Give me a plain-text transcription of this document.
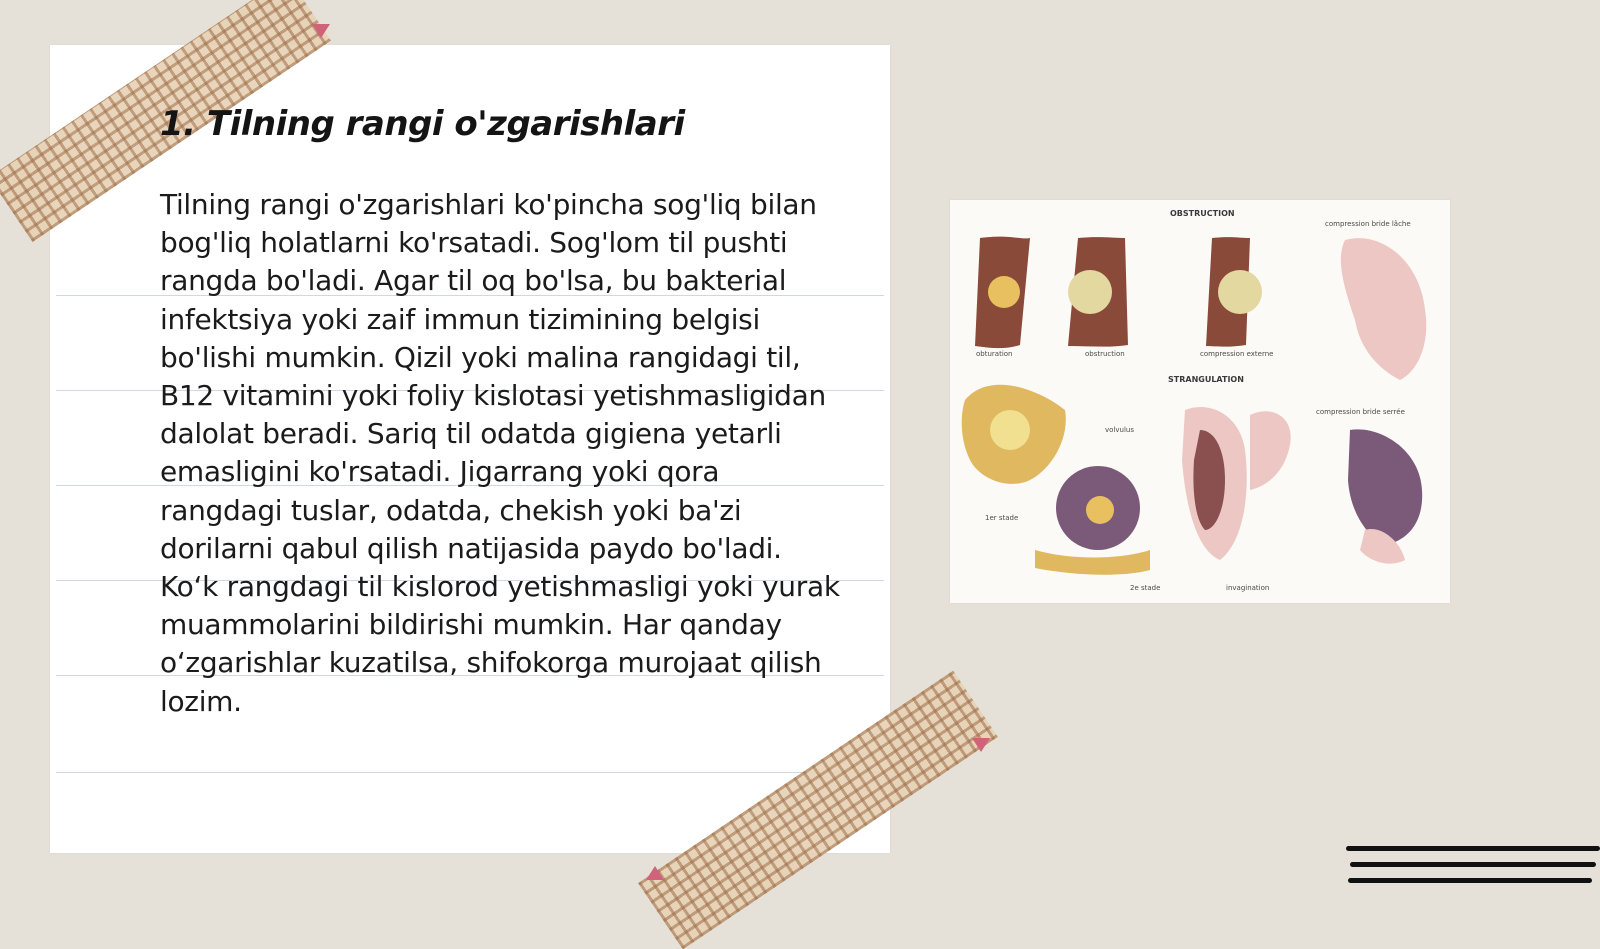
1. Tilning rangi o'zgarishlari

Tilning rangi o'zgarishlari ko'pincha sog'liq bilan bog'liq holatlarni ko'rsatadi. Sog'lom til pushti rangda bo'ladi. Agar til oq bo'lsa, bu bakterial infektsiya yoki zaif immun tizimining belgisi bo'lishi mumkin. Qizil yoki malina rangidagi til, B12 vitamini yoki foliy kislotasi yetishmasligidan dalolat beradi. Sariq til odatda gigiena yetarli emasligini ko'rsatadi. Jigarrang yoki qora rangdagi tuslar, odatda, chekish yoki ba'zi dorilarni qabul qilish natijasida paydo bo'ladi. Ko‘k rangdagi til kislorod yetishmasligi yoki yurak muammolarini bildirishi mumkin. Har qanday o‘zgarishlar kuzatilsa, shifokorga murojaat qilish lozim.

OBSTRUCTION
compression bride lâche
obturation	obstruction	compression externe
STRANGULATION
compression bride serrée
volvulus
1er stade
2e stade	invagination
